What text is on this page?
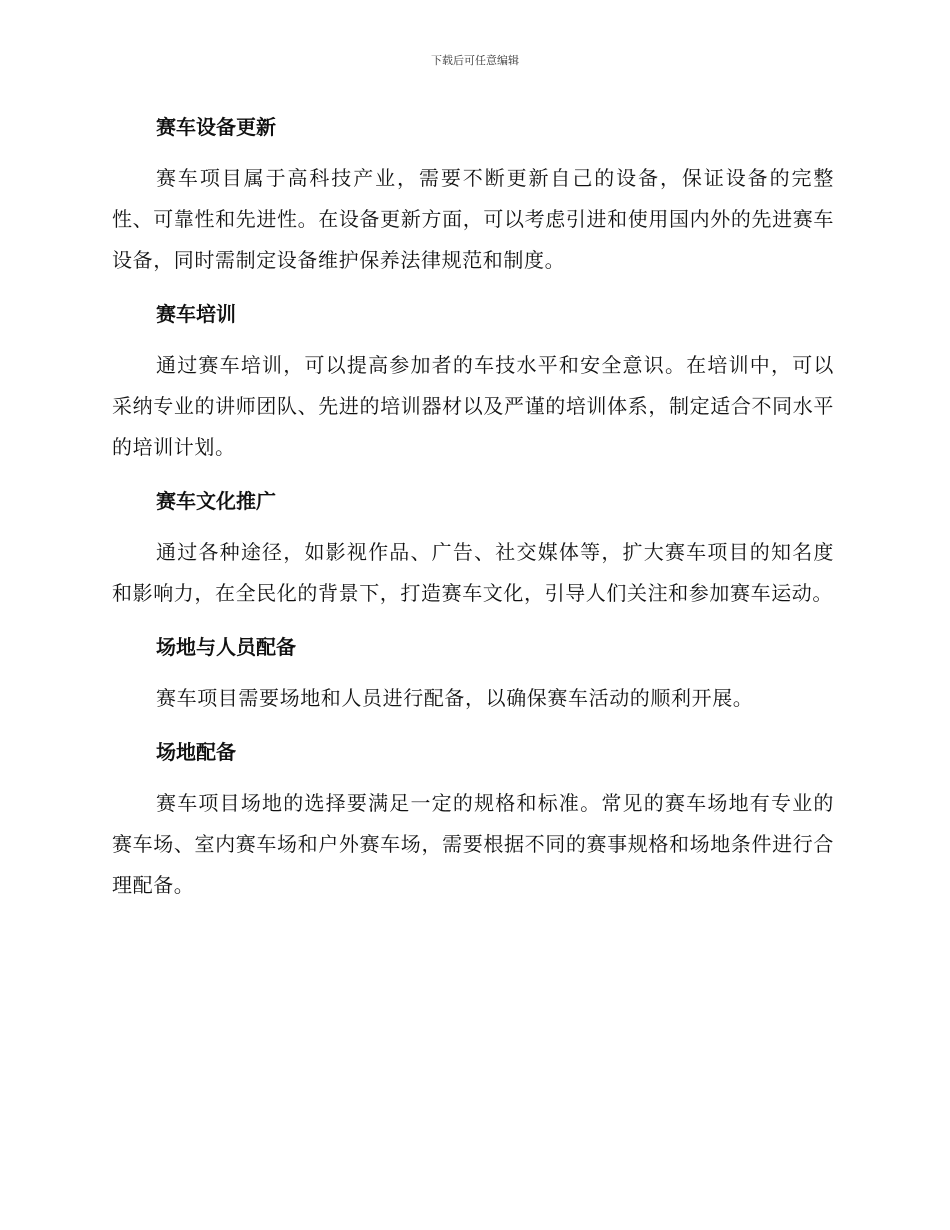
下载后可任意编辑
赛车设备更新

赛车项目属于高科技产业，需要不断更新自己的设备，保证设备的完整性、可靠性和先进性。在设备更新方面，可以考虑引进和使用国内外的先进赛车设备，同时需制定设备维护保养法律规范和制度。

赛车培训

通过赛车培训，可以提高参加者的车技水平和安全意识。在培训中，可以采纳专业的讲师团队、先进的培训器材以及严谨的培训体系，制定适合不同水平的培训计划。

赛车文化推广

通过各种途径，如影视作品、广告、社交媒体等，扩大赛车项目的知名度和影响力，在全民化的背景下，打造赛车文化，引导人们关注和参加赛车运动。

场地与人员配备

赛车项目需要场地和人员进行配备，以确保赛车活动的顺利开展。

场地配备

赛车项目场地的选择要满足一定的规格和标准。常见的赛车场地有专业的赛车场、室内赛车场和户外赛车场，需要根据不同的赛事规格和场地条件进行合理配备。
